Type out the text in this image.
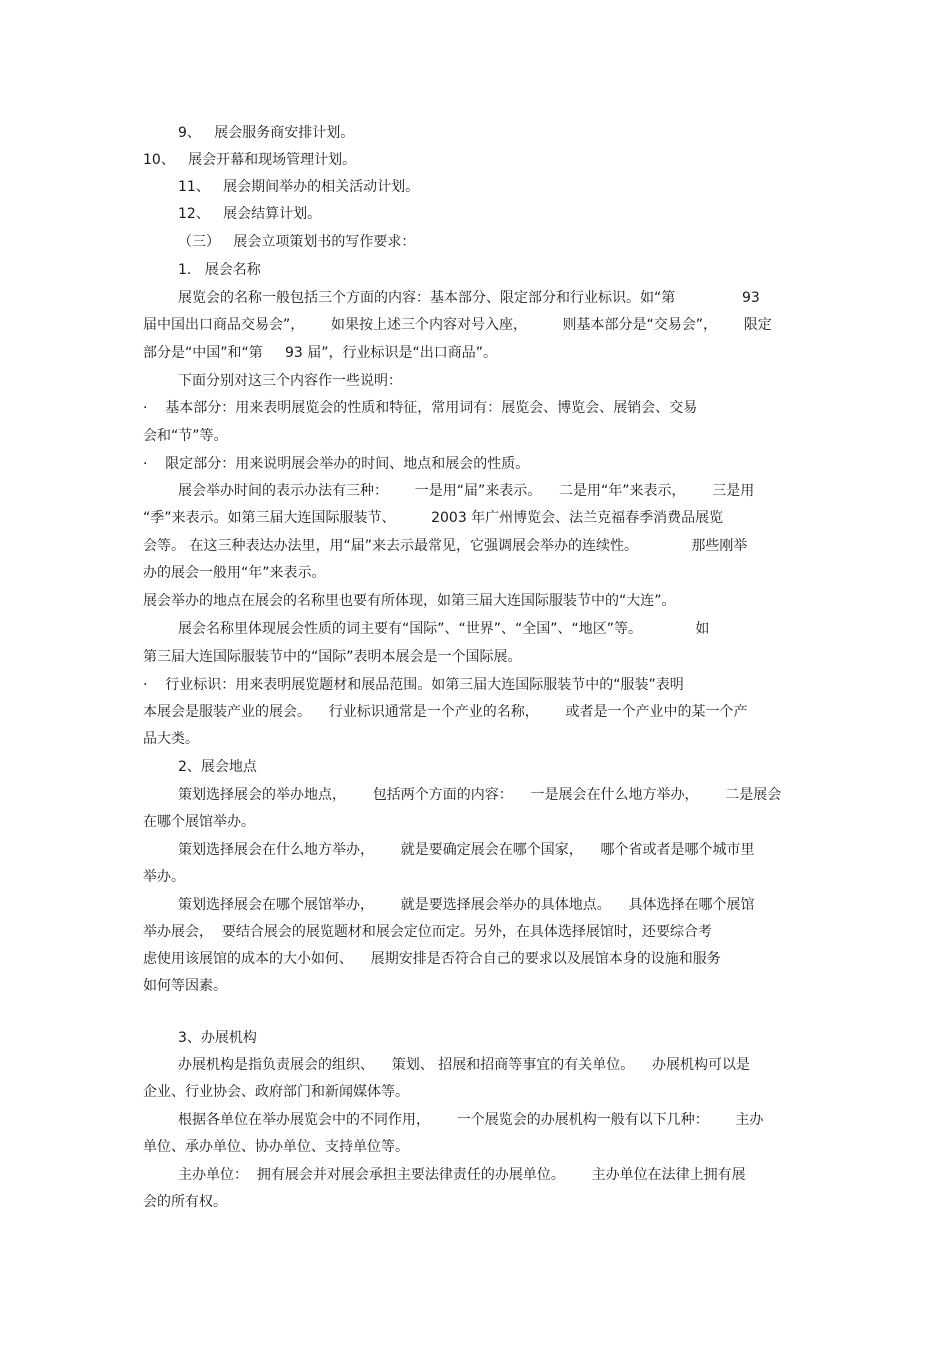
9、   展会服务商安排计划。
10、   展会开幕和现场管理计划。
11、   展会期间举办的相关活动计划。
12、   展会结算计划。
（三）   展会立项策划书的写作要求：
1.   展会名称
展览会的名称一般包括三个方面的内容：基本部分、限定部分和行业标识。如“第               93
届中国出口商品交易会”，      如果按上述三个内容对号入座，        则基本部分是“交易会”，      限定
部分是“中国”和“第     93 届”，行业标识是“出口商品”。
下面分别对这三个内容作一些说明：
·    基本部分：用来表明展览会的性质和特征，常用词有：展览会、博览会、展销会、交易
会和“节”等。
·    限定部分：用来说明展会举办的时间、地点和展会的性质。
展会举办时间的表示办法有三种：      一是用“届”来表示。    二是用“年”来表示，      三是用
“季”来表示。如第三届大连国际服装节、        2003 年广州博览会、法兰克福春季消费品展览
会等。 在这三种表达办法里，用“届”来去示最常见，它强调展会举办的连续性。            那些刚举
办的展会一般用“年”来表示。
展会举办的地点在展会的名称里也要有所体现，如第三届大连国际服装节中的“大连”。
展会名称里体现展会性质的词主要有“国际”、“世界”、“全国”、“地区”等。            如
第三届大连国际服装节中的“国际”表明本展会是一个国际展。
·    行业标识：用来表明展览题材和展品范围。如第三届大连国际服装节中的“服装”表明
本展会是服装产业的展会。    行业标识通常是一个产业的名称，      或者是一个产业中的某一个产
品大类。
2、展会地点
策划选择展会的举办地点，      包括两个方面的内容：    一是展会在什么地方举办，      二是展会
在哪个展馆举办。
策划选择展会在什么地方举办，      就是要确定展会在哪个国家，    哪个省或者是哪个城市里
举办。
策划选择展会在哪个展馆举办，      就是要选择展会举办的具体地点。    具体选择在哪个展馆
举办展会，  要结合展会的展览题材和展会定位而定。另外，在具体选择展馆时，还要综合考
虑使用该展馆的成本的大小如何、    展期安排是否符合自己的要求以及展馆本身的设施和服务
如何等因素。
3、办展机构
办展机构是指负责展会的组织、    策划、 招展和招商等事宜的有关单位。    办展机构可以是
企业、行业协会、政府部门和新闻媒体等。
根据各单位在举办展览会中的不同作用，      一个展览会的办展机构一般有以下几种：      主办
单位、承办单位、协办单位、支持单位等。
主办单位：  拥有展会并对展会承担主要法律责任的办展单位。      主办单位在法律上拥有展
会的所有权。
